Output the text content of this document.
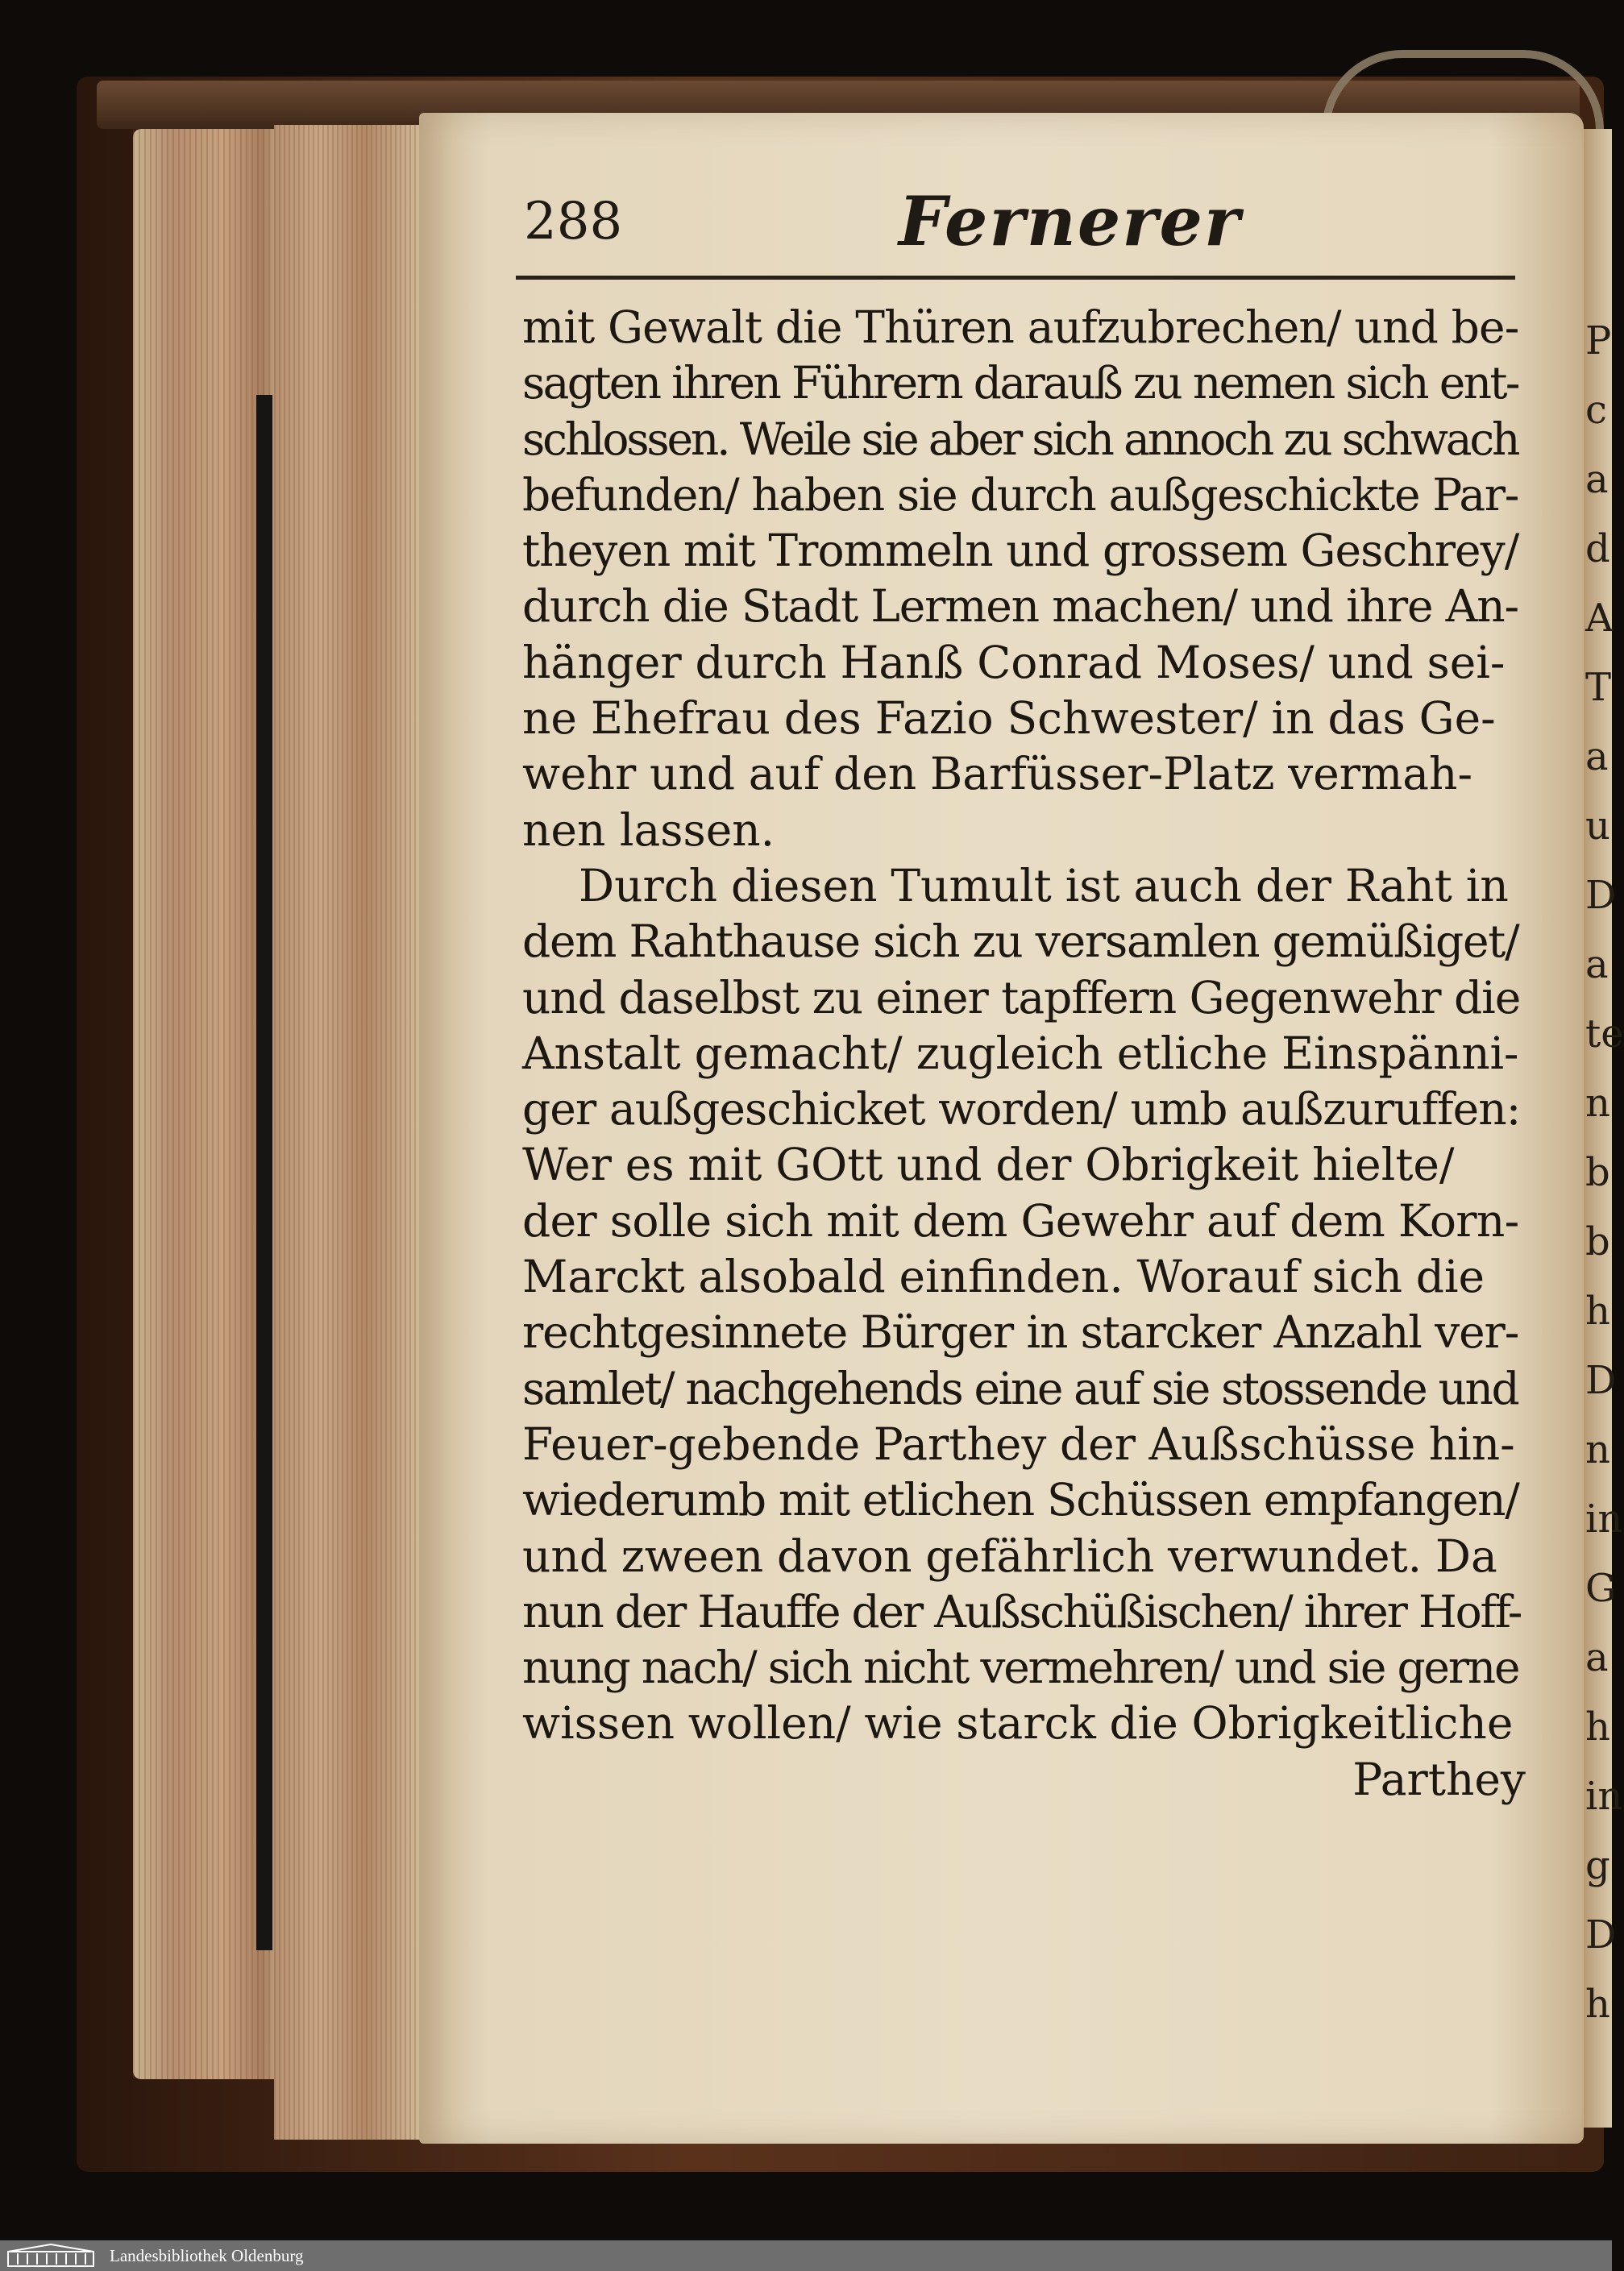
P
c
a
d
A
T
a
u
D
a
te
n
b
b
h
D
n
in
G
a
h
in
g
D
h
288	Fernerer
mit Gewalt die Thüren aufzubrechen/ und be-
sagten ihren Führern darauß zu nemen sich ent-
schlossen. Weile sie aber sich annoch zu schwach
befunden/ haben sie durch außgeschickte Par-
theyen mit Trommeln und grossem Geschrey/
durch die Stadt Lermen machen/ und ihre An-
hänger durch Hanß Conrad Moses/ und sei-
ne Ehefrau des Fazio Schwester/ in das Ge-
wehr und auf den Barfüsser-Platz vermah-
nen lassen.
Durch diesen Tumult ist auch der Raht in
dem Rahthause sich zu versamlen gemüßiget/
und daselbst zu einer tapffern Gegenwehr die
Anstalt gemacht/ zugleich etliche Einspänni-
ger außgeschicket worden/ umb außzuruffen:
Wer es mit GOtt und der Obrigkeit hielte/
der solle sich mit dem Gewehr auf dem Korn-
Marckt alsobald einfinden. Worauf sich die
rechtgesinnete Bürger in starcker Anzahl ver-
samlet/ nachgehends eine auf sie stossende und
Feuer-gebende Parthey der Außschüsse hin-
wiederumb mit etlichen Schüssen empfangen/
und zween davon gefährlich verwundet. Da
nun der Hauffe der Außschüßischen/ ihrer Hoff-
nung nach/ sich nicht vermehren/ und sie gerne
wissen wollen/ wie starck die Obrigkeitliche
Parthey
Landesbibliothek Oldenburg
